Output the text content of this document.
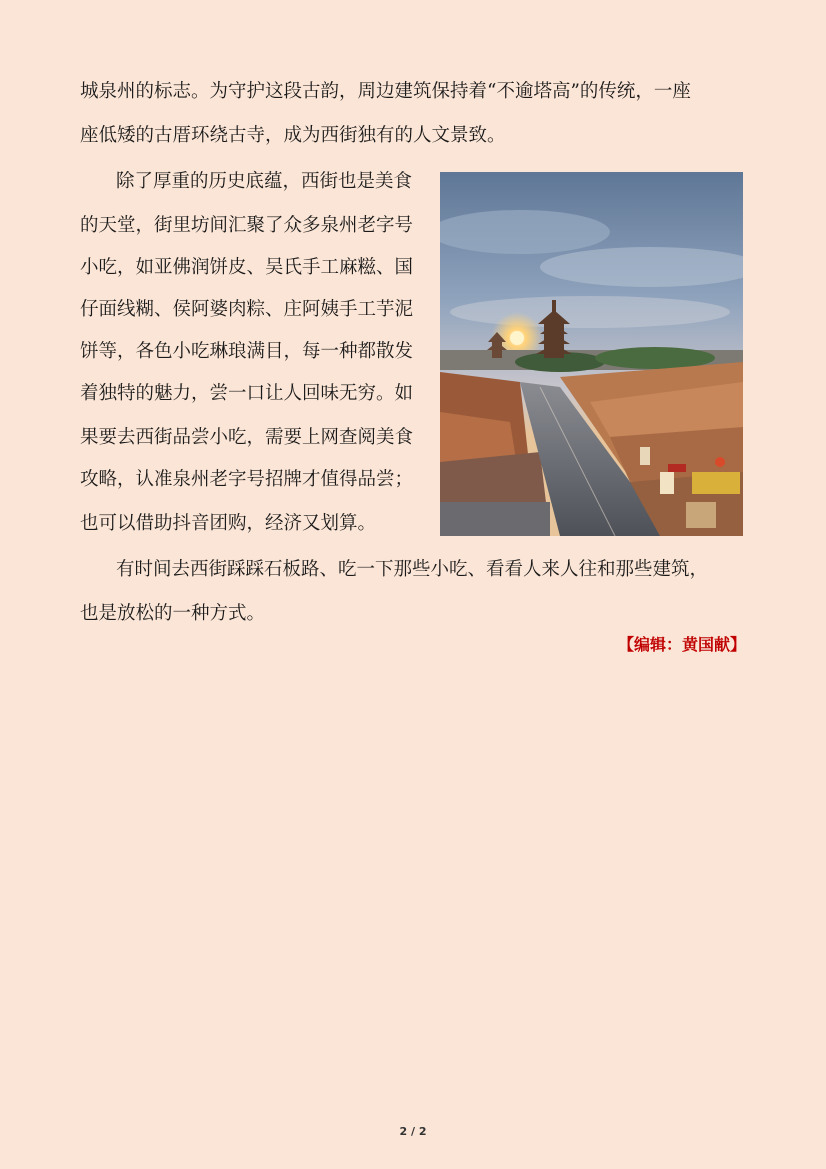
城泉州的标志。为守护这段古韵，周边建筑保持着“不逾塔高”的传统，一座
座低矮的古厝环绕古寺，成为西街独有的人文景致。
除了厚重的历史底蕴，西街也是美食
的天堂，街里坊间汇聚了众多泉州老字号
小吃，如亚佛润饼皮、吴氏手工麻糍、国
仔面线糊、侯阿婆肉粽、庄阿姨手工芋泥
饼等，各色小吃琳琅满目，每一种都散发
着独特的魅力，尝一口让人回味无穷。如
果要去西街品尝小吃，需要上网查阅美食
攻略，认准泉州老字号招牌才值得品尝；
也可以借助抖音团购，经济又划算。
有时间去西街踩踩石板路、吃一下那些小吃、看看人来人往和那些建筑，
也是放松的一种方式。
【编辑：黄国献】
2 / 2
